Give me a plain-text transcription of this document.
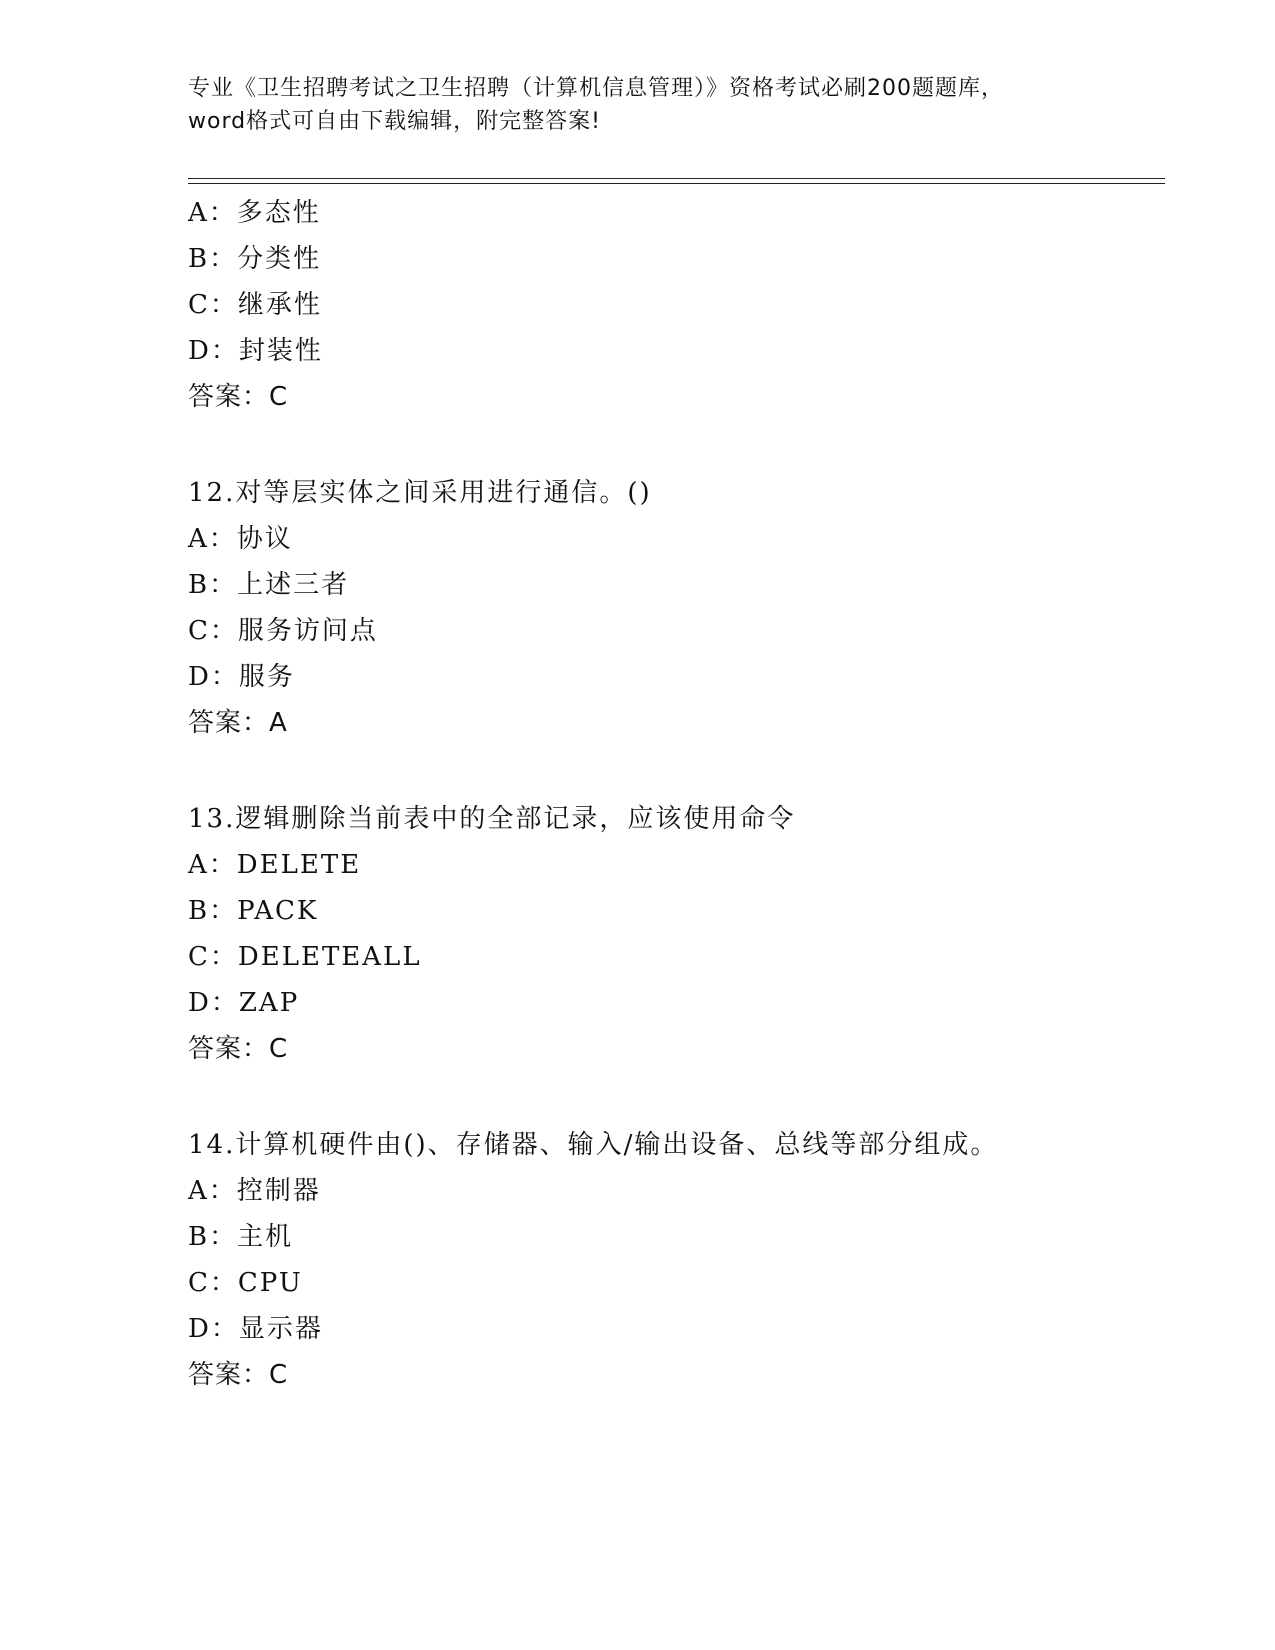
专业《卫生招聘考试之卫生招聘（计算机信息管理）》资格考试必刷200题题库，
word格式可自由下载编辑，附完整答案!
A：多态性
B：分类性
C：继承性
D：封装性
答案：C
12.对等层实体之间采用进行通信。()
A：协议
B：上述三者
C：服务访问点
D：服务
答案：A
13.逻辑删除当前表中的全部记录，应该使用命令
A：DELETE
B：PACK
C：DELETEALL
D：ZAP
答案：C
14.计算机硬件由()、存储器、输入/输出设备、总线等部分组成。
A：控制器
B：主机
C：CPU
D：显示器
答案：C
